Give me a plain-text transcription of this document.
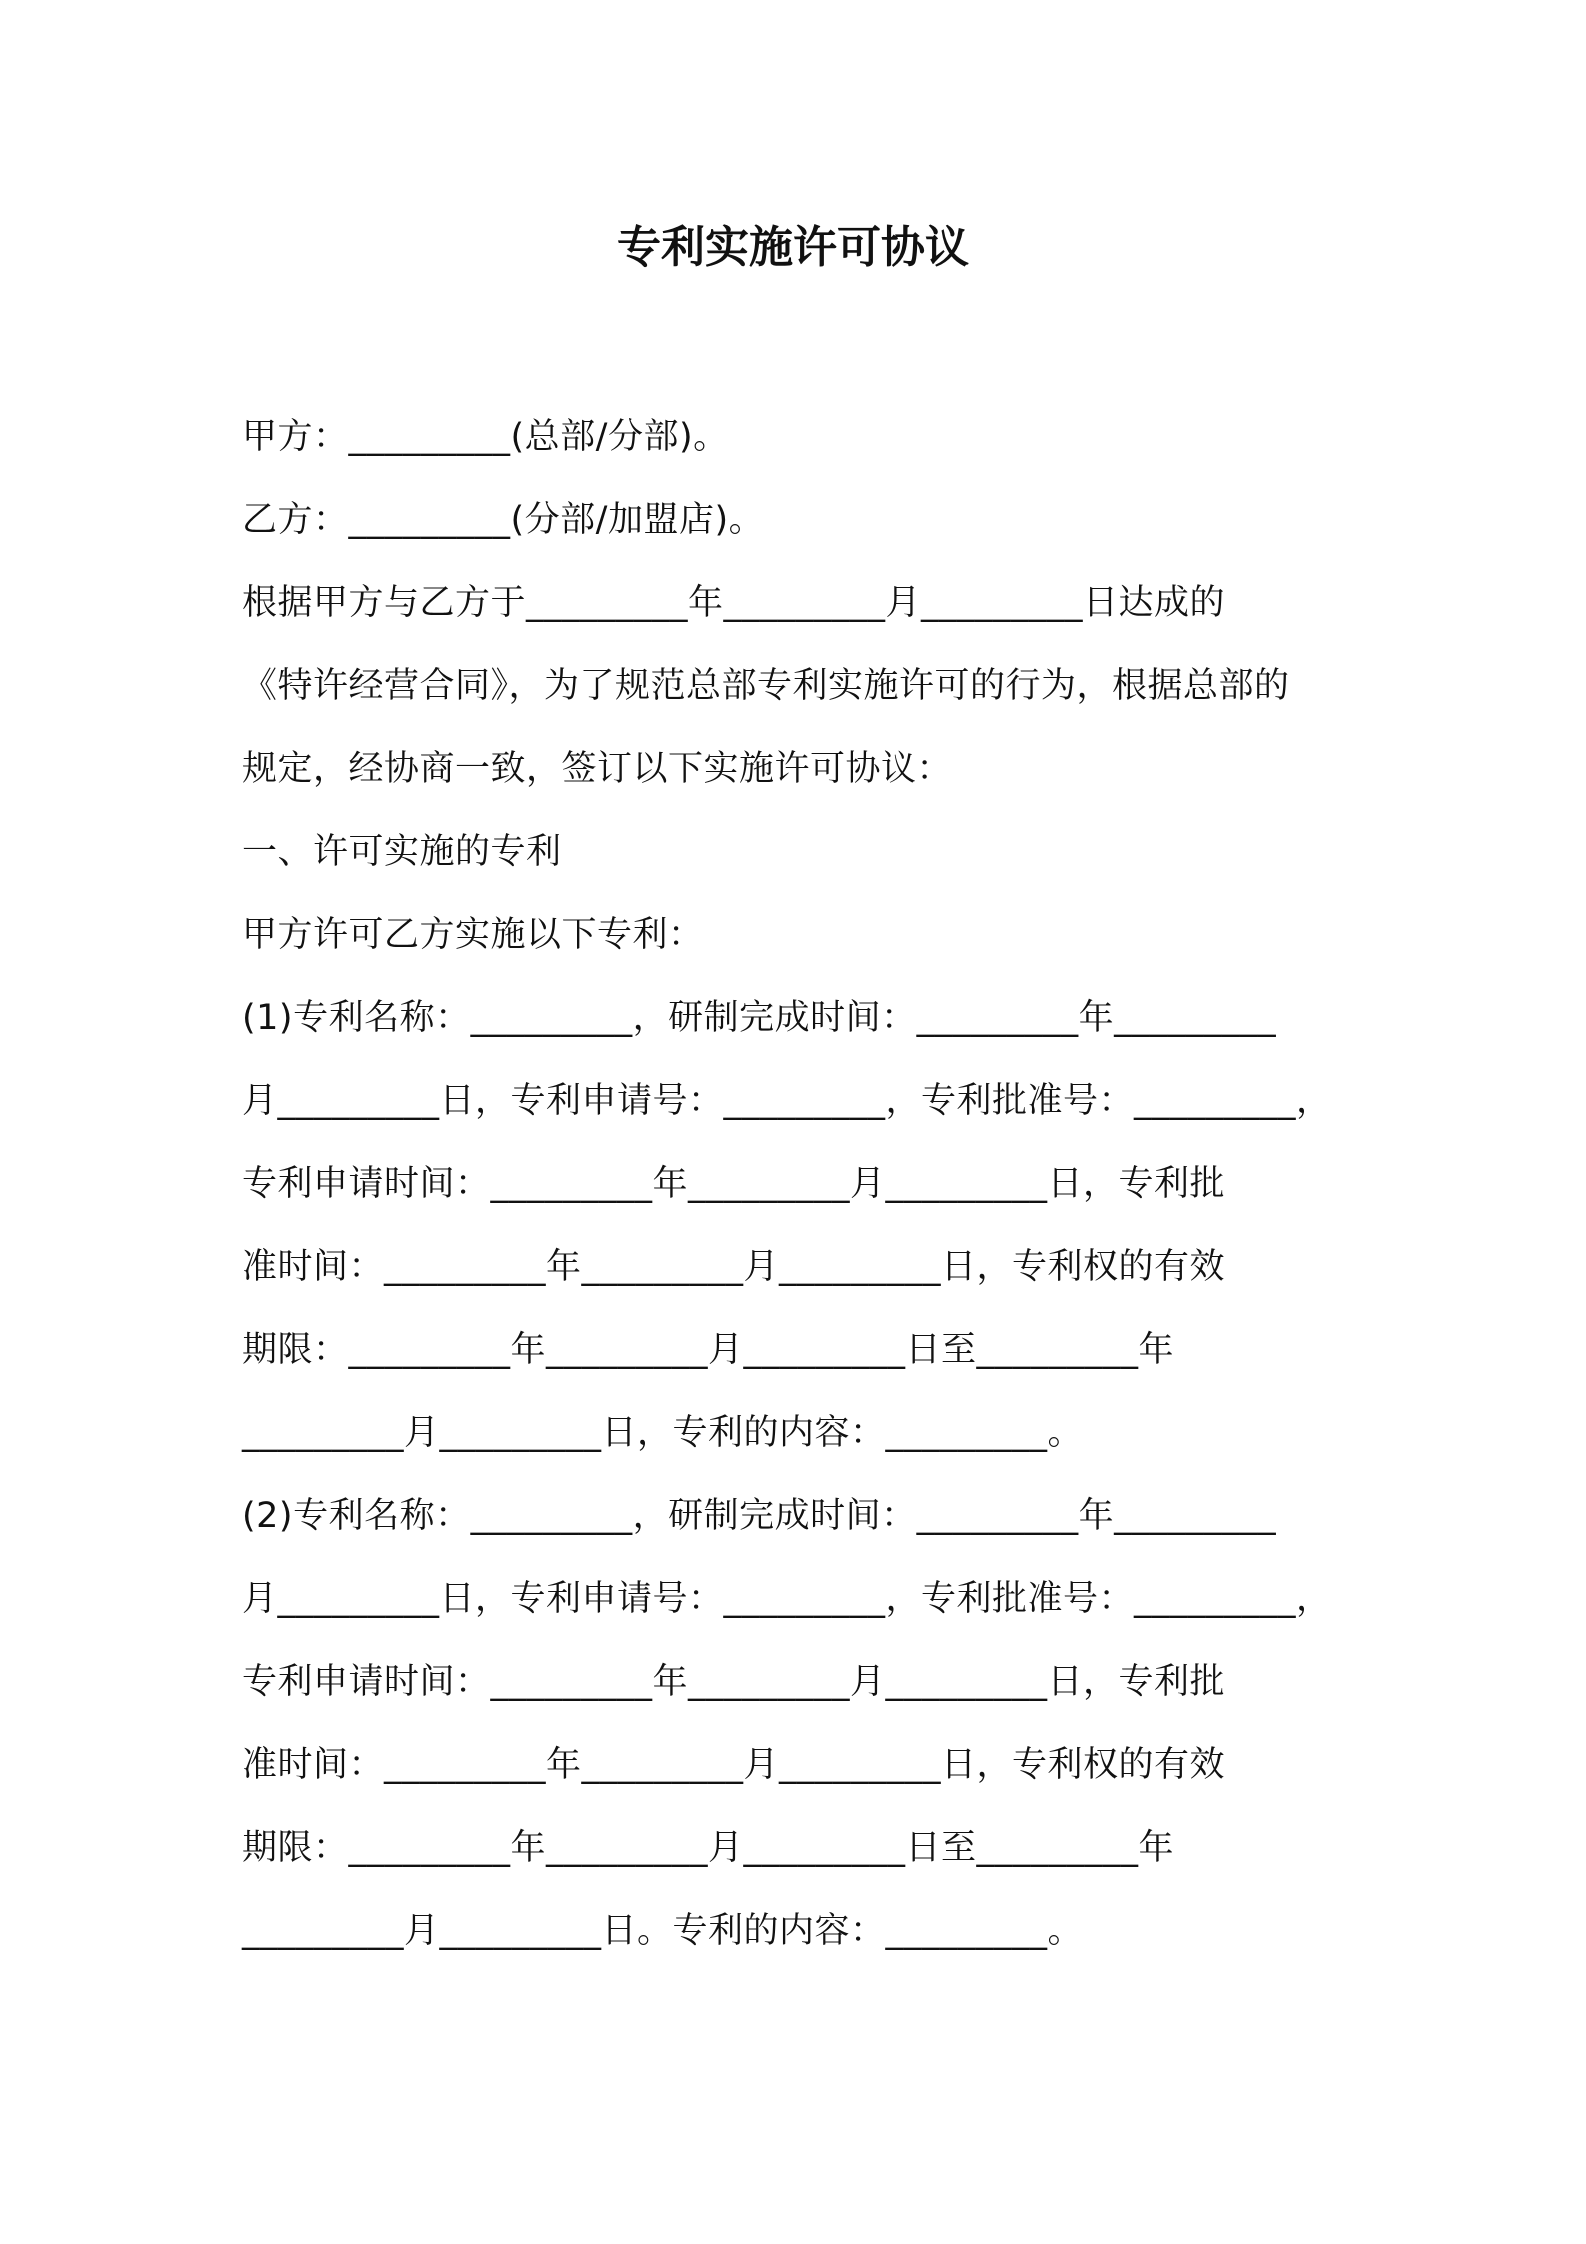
专利实施许可协议
甲方：_________(总部/分部)。
乙方：_________(分部/加盟店)。
根据甲方与乙方于_________年_________月_________日达成的
《特许经营合同》，为了规范总部专利实施许可的行为，根据总部的
规定，经协商一致，签订以下实施许可协议：
一、许可实施的专利
甲方许可乙方实施以下专利：
(1)专利名称：_________，研制完成时间：_________年_________
月_________日，专利申请号：_________，专利批准号：_________，
专利申请时间：_________年_________月_________日，专利批
准时间：_________年_________月_________日，专利权的有效
期限：_________年_________月_________日至_________年
_________月_________日，专利的内容：_________。
(2)专利名称：_________，研制完成时间：_________年_________
月_________日，专利申请号：_________，专利批准号：_________，
专利申请时间：_________年_________月_________日，专利批
准时间：_________年_________月_________日，专利权的有效
期限：_________年_________月_________日至_________年
_________月_________日。专利的内容：_________。
